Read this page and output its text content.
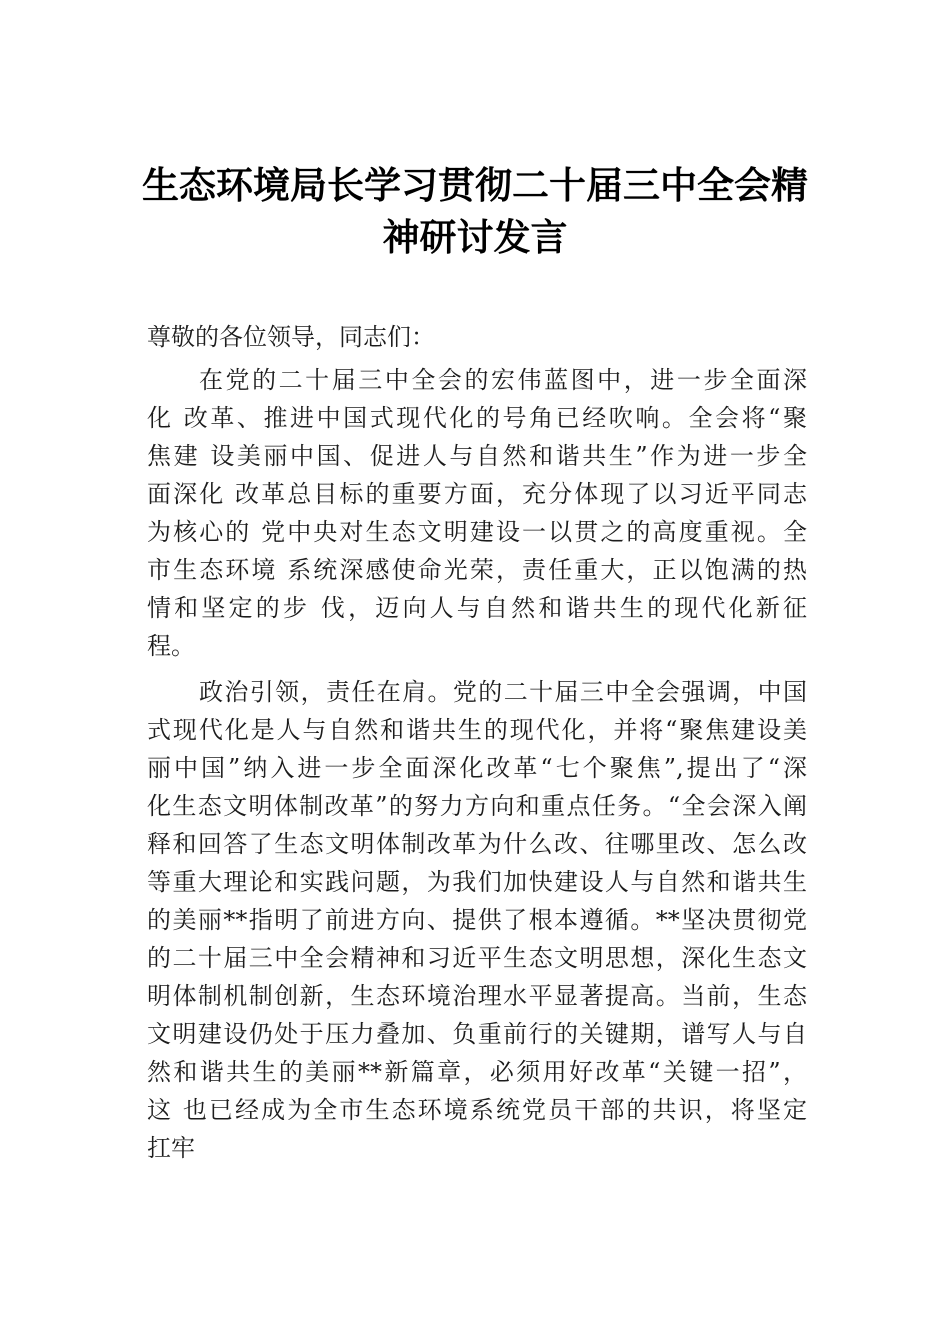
生态环境局长学习贯彻二十届三中全会精
神研讨发言
尊敬的各位领导，同志们：
在党的二十届三中全会的宏伟蓝图中，进一步全面深
化 改革、推进中国式现代化的号角已经吹响。全会将“聚
焦建 设美丽中国、促进人与自然和谐共生”作为进一步全
面深化 改革总目标的重要方面，充分体现了以习近平同志
为核心的 党中央对生态文明建设一以贯之的高度重视。全
市生态环境 系统深感使命光荣，责任重大，正以饱满的热
情和坚定的步 伐，迈向人与自然和谐共生的现代化新征
程。
政治引领，责任在肩。党的二十届三中全会强调，中国
式现代化是人与自然和谐共生的现代化，并将“聚焦建设美
丽中国”纳入进一步全面深化改革“七个聚焦”,提出了“深
化生态文明体制改革”的努力方向和重点任务。“全会深入阐
释和回答了生态文明体制改革为什么改、往哪里改、怎么改
等重大理论和实践问题，为我们加快建设人与自然和谐共生
的美丽**指明了前进方向、提供了根本遵循。**坚决贯彻党
的二十届三中全会精神和习近平生态文明思想，深化生态文
明体制机制创新，生态环境治理水平显著提高。当前，生态
文明建设仍处于压力叠加、负重前行的关键期，谱写人与自
然和谐共生的美丽**新篇章，必须用好改革“关键一招”，
这 也已经成为全市生态环境系统党员干部的共识，将坚定
扛牢
